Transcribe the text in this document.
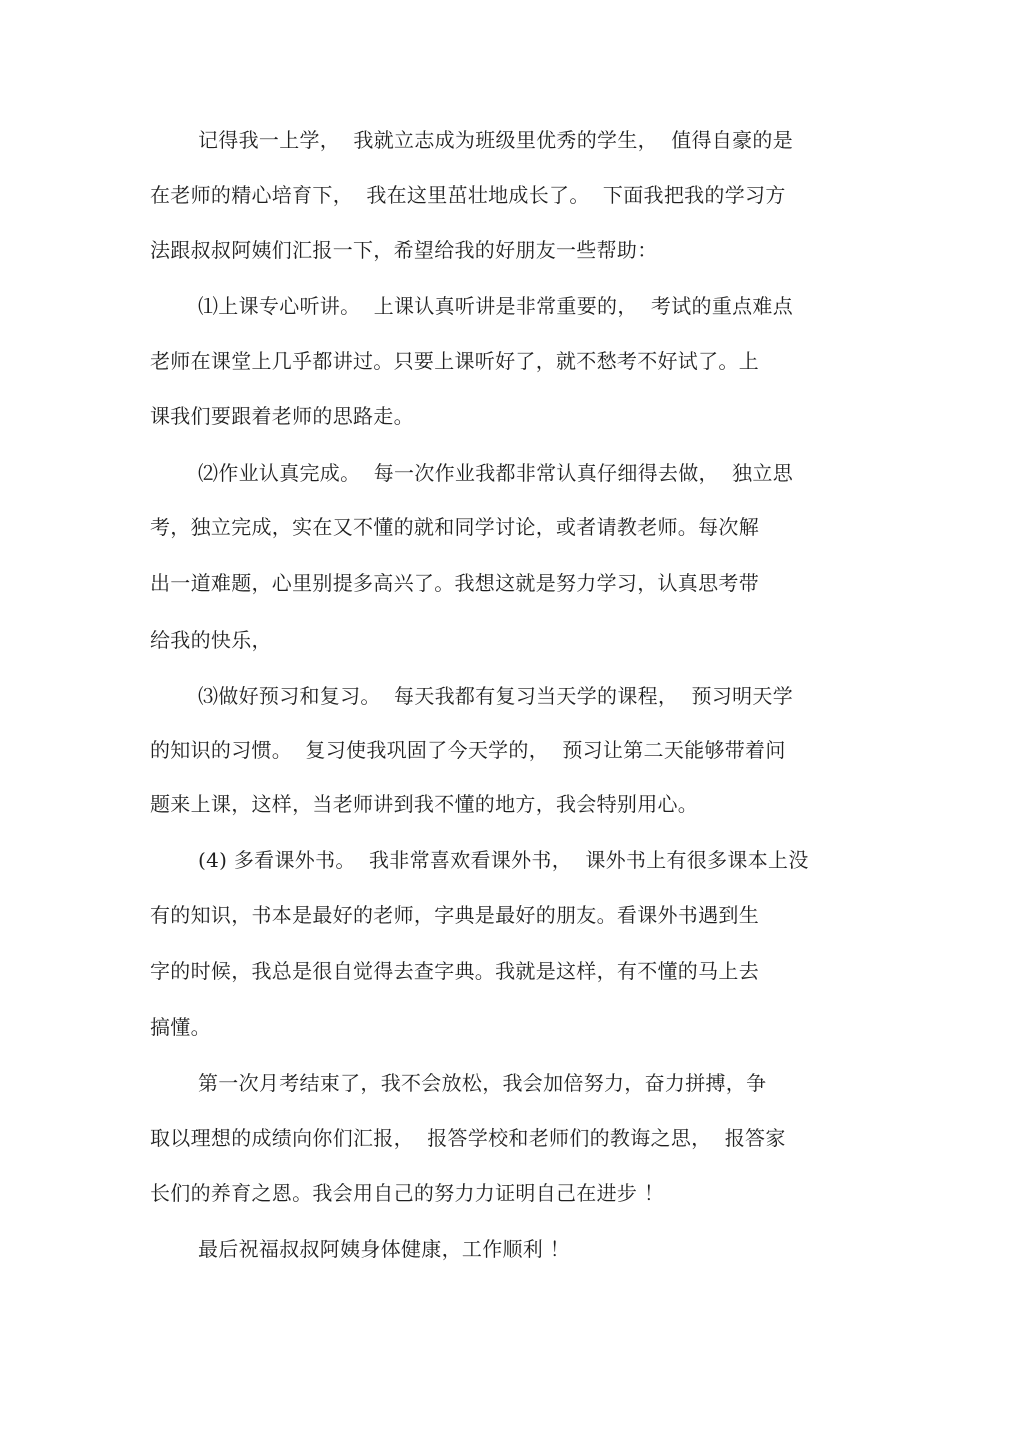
记得我一上学，  我就立志成为班级里优秀的学生，  值得自豪的是

在老师的精心培育下，  我在这里茁壮地成长了。  下面我把我的学习方

法跟叔叔阿姨们汇报一下，希望给我的好朋友一些帮助：

⑴上课专心听讲。  上课认真听讲是非常重要的，  考试的重点难点

老师在课堂上几乎都讲过。只要上课听好了，就不愁考不好试了。上

课我们要跟着老师的思路走。

⑵作业认真完成。  每一次作业我都非常认真仔细得去做，  独立思

考，独立完成，实在又不懂的就和同学讨论，或者请教老师。每次解

出一道难题，心里别提多高兴了。我想这就是努力学习，认真思考带

给我的快乐，

⑶做好预习和复习。  每天我都有复习当天学的课程，  预习明天学

的知识的习惯。  复习使我巩固了今天学的，  预习让第二天能够带着问

题来上课，这样，当老师讲到我不懂的地方，我会特别用心。

(4) 多看课外书。  我非常喜欢看课外书，  课外书上有很多课本上没

有的知识，书本是最好的老师，字典是最好的朋友。看课外书遇到生

字的时候，我总是很自觉得去查字典。我就是这样，有不懂的马上去

搞懂。

第一次月考结束了，我不会放松，我会加倍努力，奋力拼搏，争

取以理想的成绩向你们汇报，  报答学校和老师们的教诲之思，  报答家

长们的养育之恩。我会用自己的努力力证明自己在进步 ！

最后祝福叔叔阿姨身体健康，工作顺利 ！
